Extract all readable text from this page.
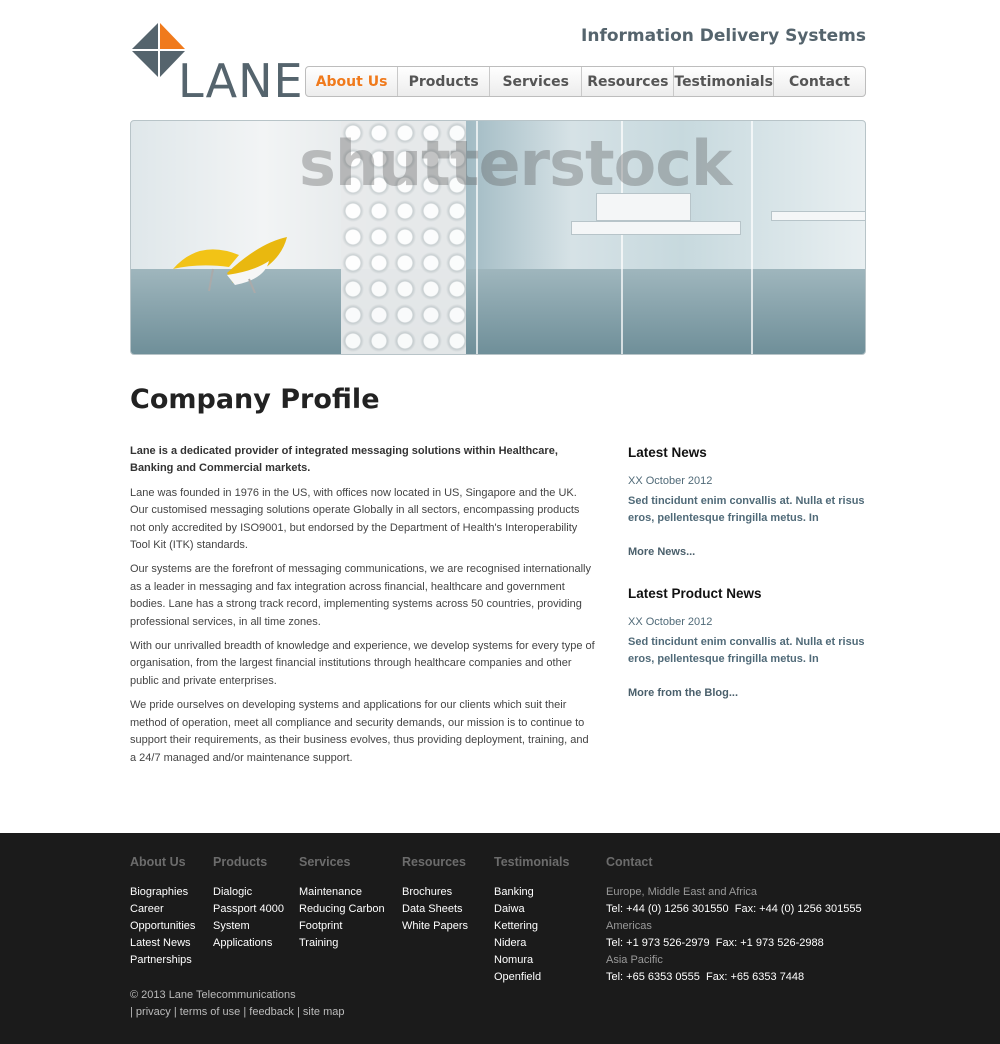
LANE
Information Delivery Systems
About Us	Products	Services	Resources Testimonials	Contact
shutterstock
Company Profile

Lane is a dedicated provider of integrated messaging solutions within Healthcare, Banking and Commercial markets.

Lane was founded in 1976 in the US, with offices now located in US, Singapore and the UK. Our customised messaging solutions operate Globally in all sectors, encompassing products not only accredited by ISO9001, but endorsed by the Department of Health's Interoperability Tool Kit (ITK) standards.

Our systems are the forefront of messaging communications, we are recognised internationally as a leader in messaging and fax integration across financial, healthcare and government bodies. Lane has a strong track record, implementing systems across 50 countries, providing professional services, in all time zones.

With our unrivalled breadth of knowledge and experience, we develop systems for every type of organisation, from the largest financial institutions through healthcare companies and other public and private enterprises.

We pride ourselves on developing systems and applications for our clients which suit their method of operation, meet all compliance and security demands, our mission is to continue to support their requirements, as their business evolves, thus providing deployment, training, and a 24/7 managed and/or maintenance support.

Latest News
XX October 2012
Sed tincidunt enim convallis at. Nulla et risus eros, pellentesque fringilla metus. In
More News...
Latest Product News
XX October 2012
Sed tincidunt enim convallis at. Nulla et risus eros, pellentesque fringilla metus. In
More from the Blog...
About Us
Biographies
Career Opportunities
Latest News
Partnerships
Products
Dialogic
Passport 4000
System Applications
Services
Maintenance
Reducing Carbon Footprint
Training
Resources
Brochures
Data Sheets
White Papers
Testimonials
Banking
Daiwa
Kettering
Nidera
Nomura
Openfield
Contact
Europe, Middle East and Africa
Tel: +44 (0) 1256 301550  Fax: +44 (0) 1256 301555
Americas
Tel: +1 973 526-2979  Fax: +1 973 526-2988
Asia Pacific
Tel: +65 6353 0555  Fax: +65 6353 7448
© 2013 Lane Telecommunications
| privacy | terms of use | feedback | site map
